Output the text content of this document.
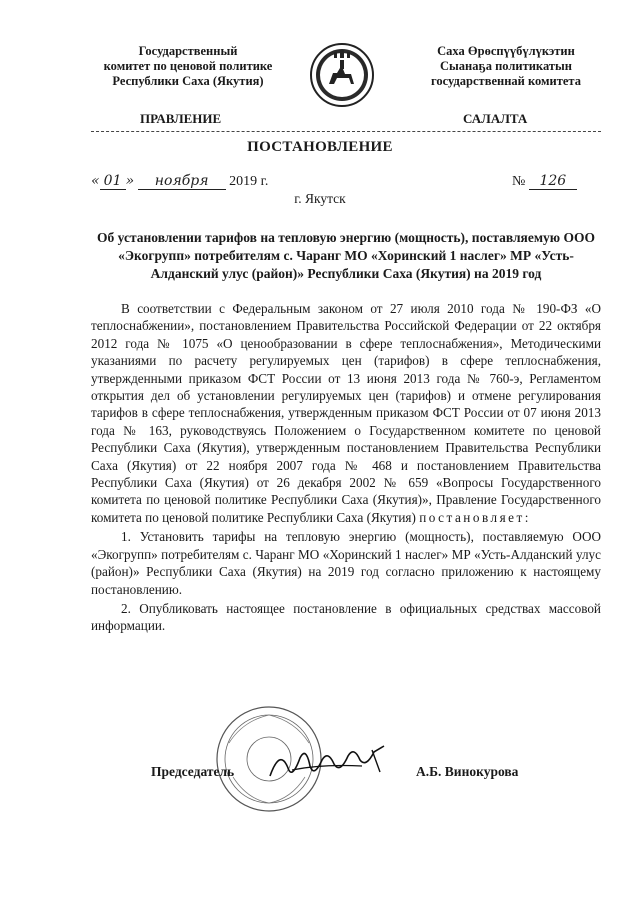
Государственный
комитет по ценовой политике
Республики Саха (Якутия)
Саха Өрөспүүбүлүкэтин
Сыанаҕа политикатын
государственнай комитета
ПРАВЛЕНИЕ	САЛАЛТА
ПОСТАНОВЛЕНИЕ
« 01 » ноября 2019 г.	№ 126
г. Якутск
Об установлении тарифов на тепловую энергию (мощность), поставляемую ООО «Экогрупп» потребителям с. Чаранг МО «Хоринский 1 наслег» МР «Усть-Алданский улус (район)» Республики Саха (Якутия) на 2019 год

В соответствии с Федеральным законом от 27 июля 2010 года № 190-ФЗ «О теплоснабжении», постановлением Правительства Российской Федерации от 22 октября 2012 года № 1075 «О ценообразовании в сфере теплоснабжения», Методическими указаниями по расчету регулируемых цен (тарифов) в сфере теплоснабжения, утвержденными приказом ФСТ России от 13 июня 2013 года № 760-э, Регламентом открытия дел об установлении регулируемых цен (тарифов) и отмене регулирования тарифов в сфере теплоснабжения, утвержденным приказом ФСТ России от 07 июня 2013 года № 163, руководствуясь Положением о Государственном комитете по ценовой Республики Саха (Якутия), утвержденным постановлением Правительства Республики Саха (Якутия) от 22 ноября 2007 года № 468 и постановлением Правительства Республики Саха (Якутия) от 26 декабря 2002 № 659 «Вопросы Государственного комитета по ценовой политике Республики Саха (Якутия)», Правление Государственного комитета по ценовой политике Республики Саха (Якутия) постановляет:

1. Установить тарифы на тепловую энергию (мощность), поставляемую ООО «Экогрупп» потребителям с. Чаранг МО «Хоринский 1 наслег» МР «Усть-Алданский улус (район)» Республики Саха (Якутия) на 2019 год согласно приложению к настоящему постановлению.

2. Опубликовать настоящее постановление в официальных средствах массовой информации.

Председатель	А.Б. Винокурова
